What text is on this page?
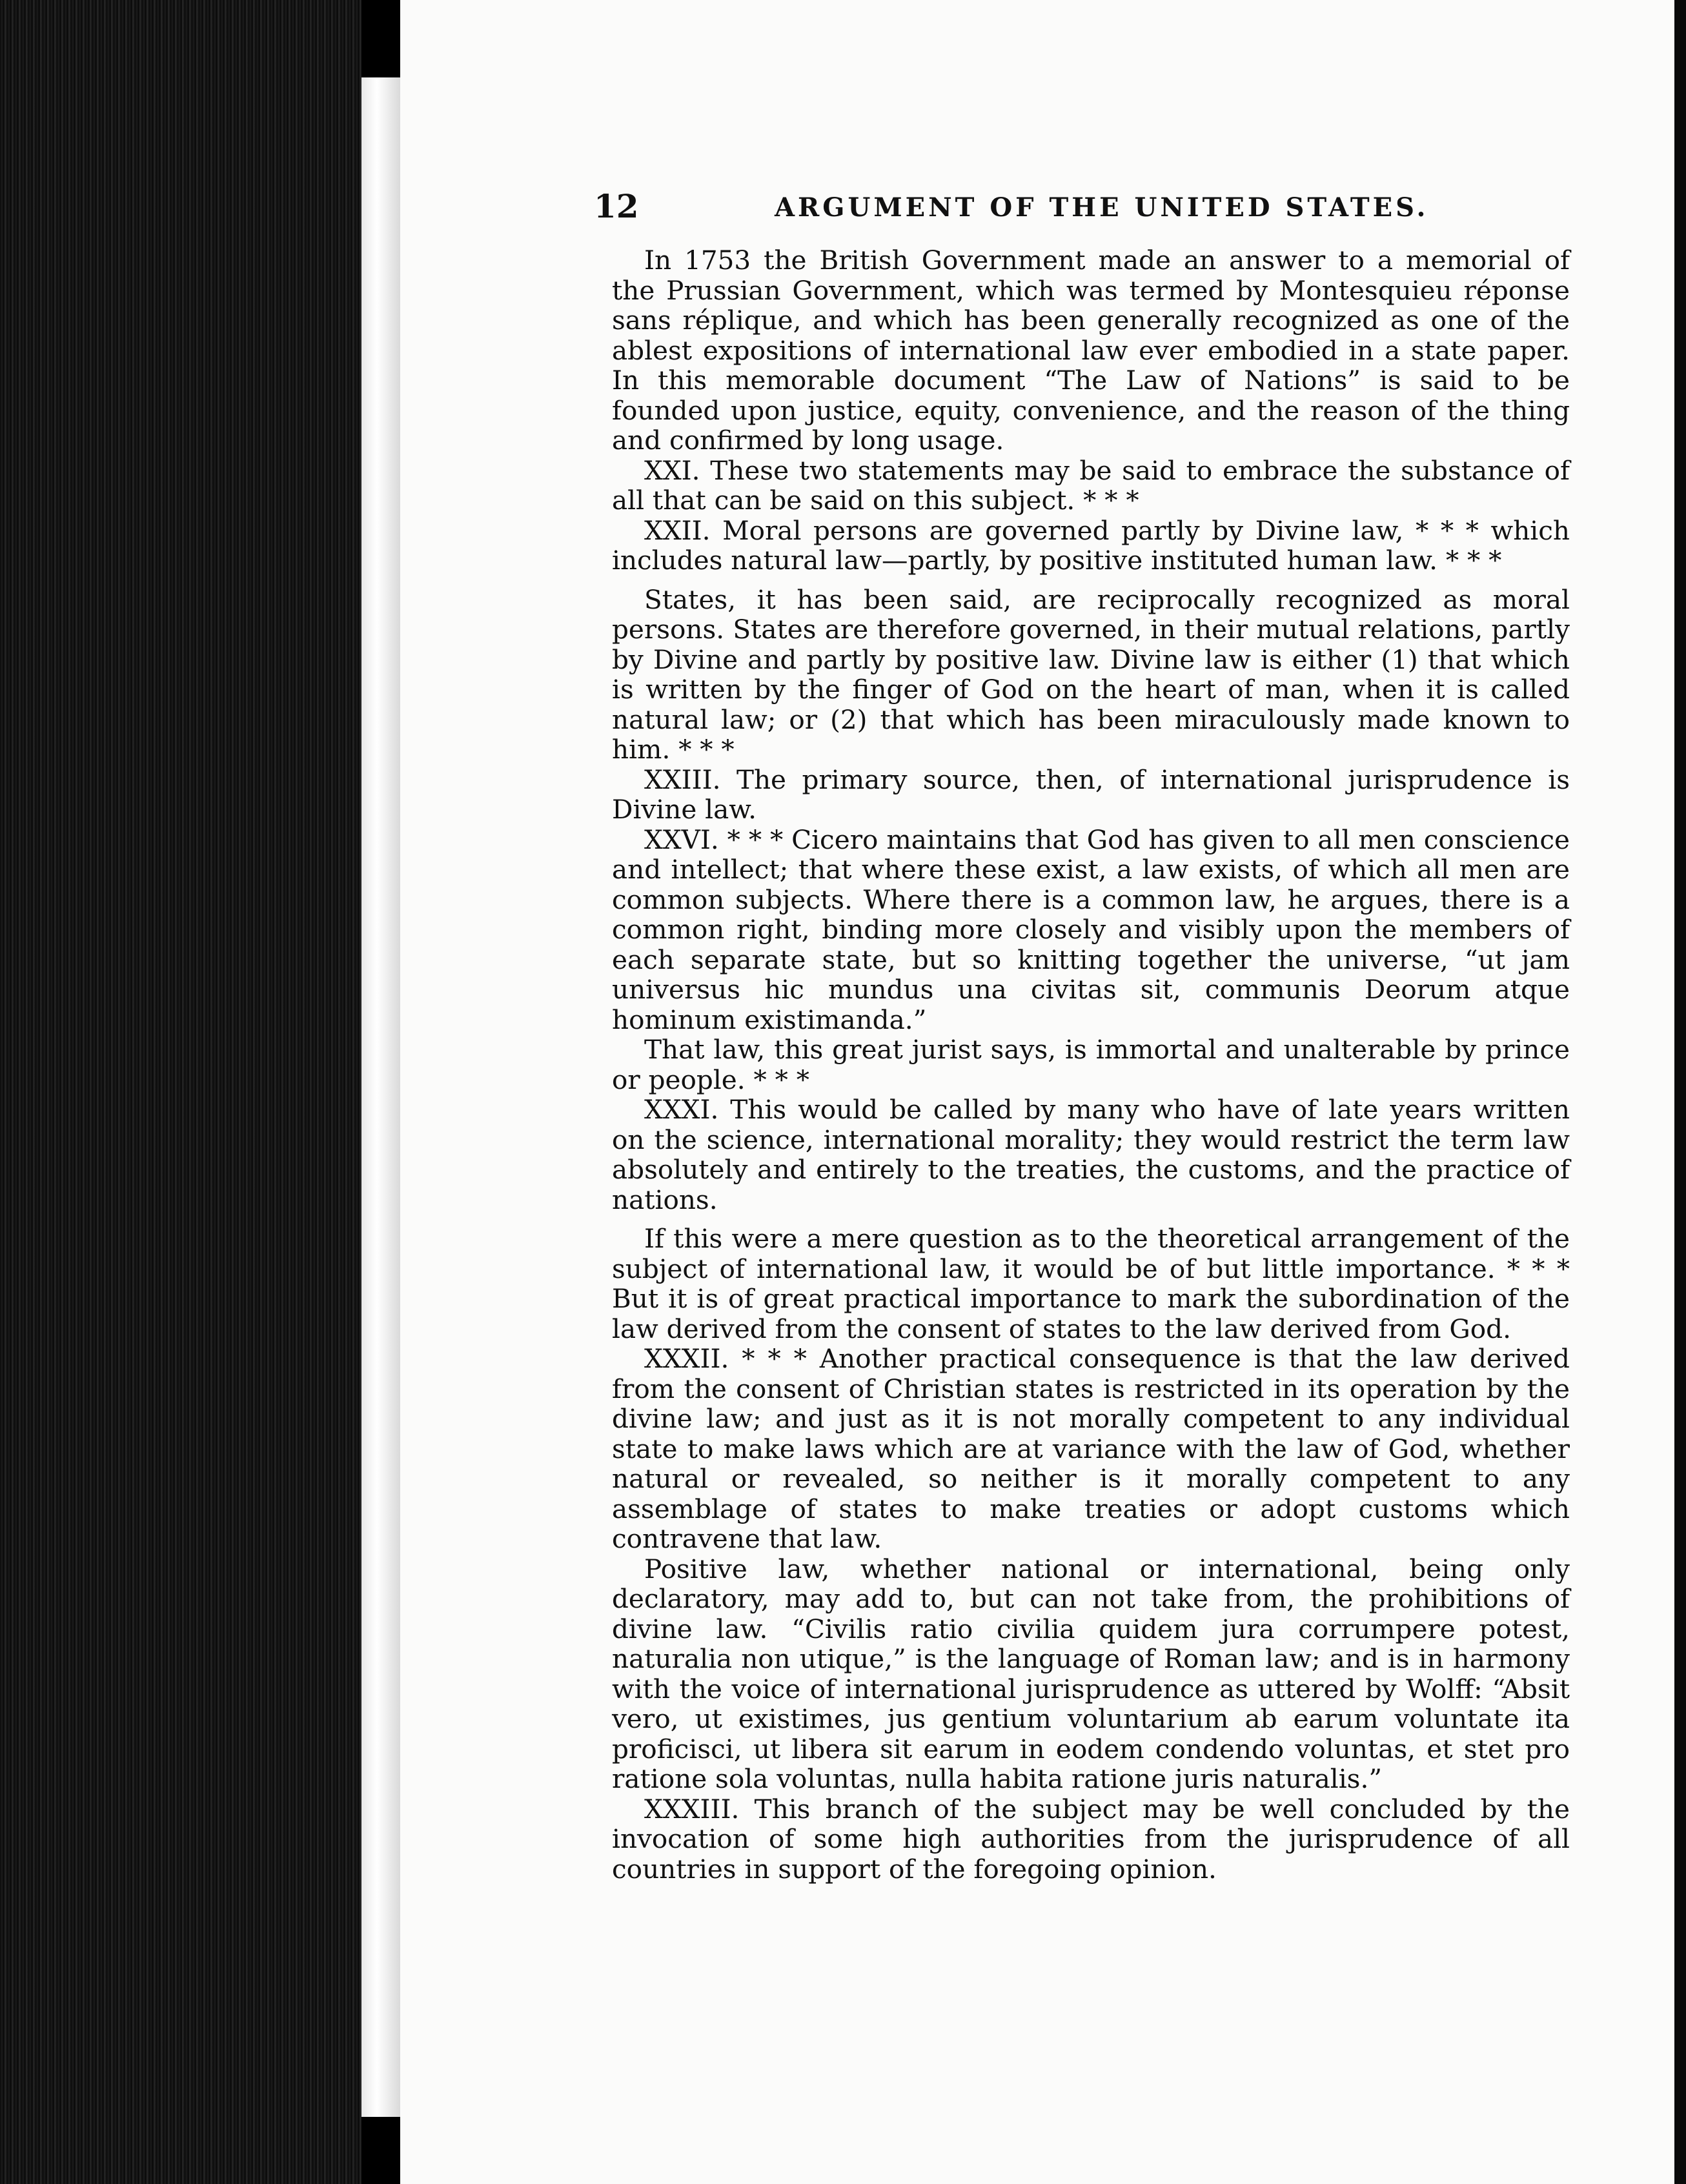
12	ARGUMENT OF THE UNITED STATES.

In 1753 the British Government made an answer to a memorial of the Prussian Government, which was termed by Montesquieu réponse sans réplique, and which has been generally recognized as one of the ablest expositions of international law ever embodied in a state paper. In this memorable document “The Law of Nations” is said to be founded upon justice, equity, convenience, and the reason of the thing and confirmed by long usage.

XXI. These two statements may be said to embrace the substance of all that can be said on this subject. * * *

XXII. Moral persons are governed partly by Divine law, * * * which includes natural law—partly, by positive instituted human law. * * *

States, it has been said, are reciprocally recognized as moral persons. States are therefore governed, in their mutual relations, partly by Divine and partly by positive law. Divine law is either (1) that which is written by the finger of God on the heart of man, when it is called natural law; or (2) that which has been miraculously made known to him. * * *

XXIII. The primary source, then, of international jurisprudence is Divine law.

XXVI. * * * Cicero maintains that God has given to all men conscience and intellect; that where these exist, a law exists, of which all men are common subjects. Where there is a common law, he argues, there is a common right, binding more closely and visibly upon the members of each separate state, but so knitting together the universe, “ut jam universus hic mundus una civitas sit, communis Deorum atque hominum existimanda.”

That law, this great jurist says, is immortal and unalterable by prince or people. * * *

XXXI. This would be called by many who have of late years written on the science, international morality; they would restrict the term law absolutely and entirely to the treaties, the customs, and the practice of nations.

If this were a mere question as to the theoretical arrangement of the subject of international law, it would be of but little importance. * * * But it is of great practical importance to mark the subordination of the law derived from the consent of states to the law derived from God.

XXXII. * * * Another practical consequence is that the law derived from the consent of Christian states is restricted in its operation by the divine law; and just as it is not morally competent to any individual state to make laws which are at variance with the law of God, whether natural or revealed, so neither is it morally competent to any assemblage of states to make treaties or adopt customs which contravene that law.

Positive law, whether national or international, being only declaratory, may add to, but can not take from, the prohibitions of divine law. “Civilis ratio civilia quidem jura corrumpere potest, naturalia non utique,” is the language of Roman law; and is in harmony with the voice of international jurisprudence as uttered by Wolff: “Absit vero, ut existimes, jus gentium voluntarium ab earum voluntate ita proficisci, ut libera sit earum in eodem condendo voluntas, et stet pro ratione sola voluntas, nulla habita ratione juris naturalis.”

XXXIII. This branch of the subject may be well concluded by the invocation of some high authorities from the jurisprudence of all countries in support of the foregoing opinion.
